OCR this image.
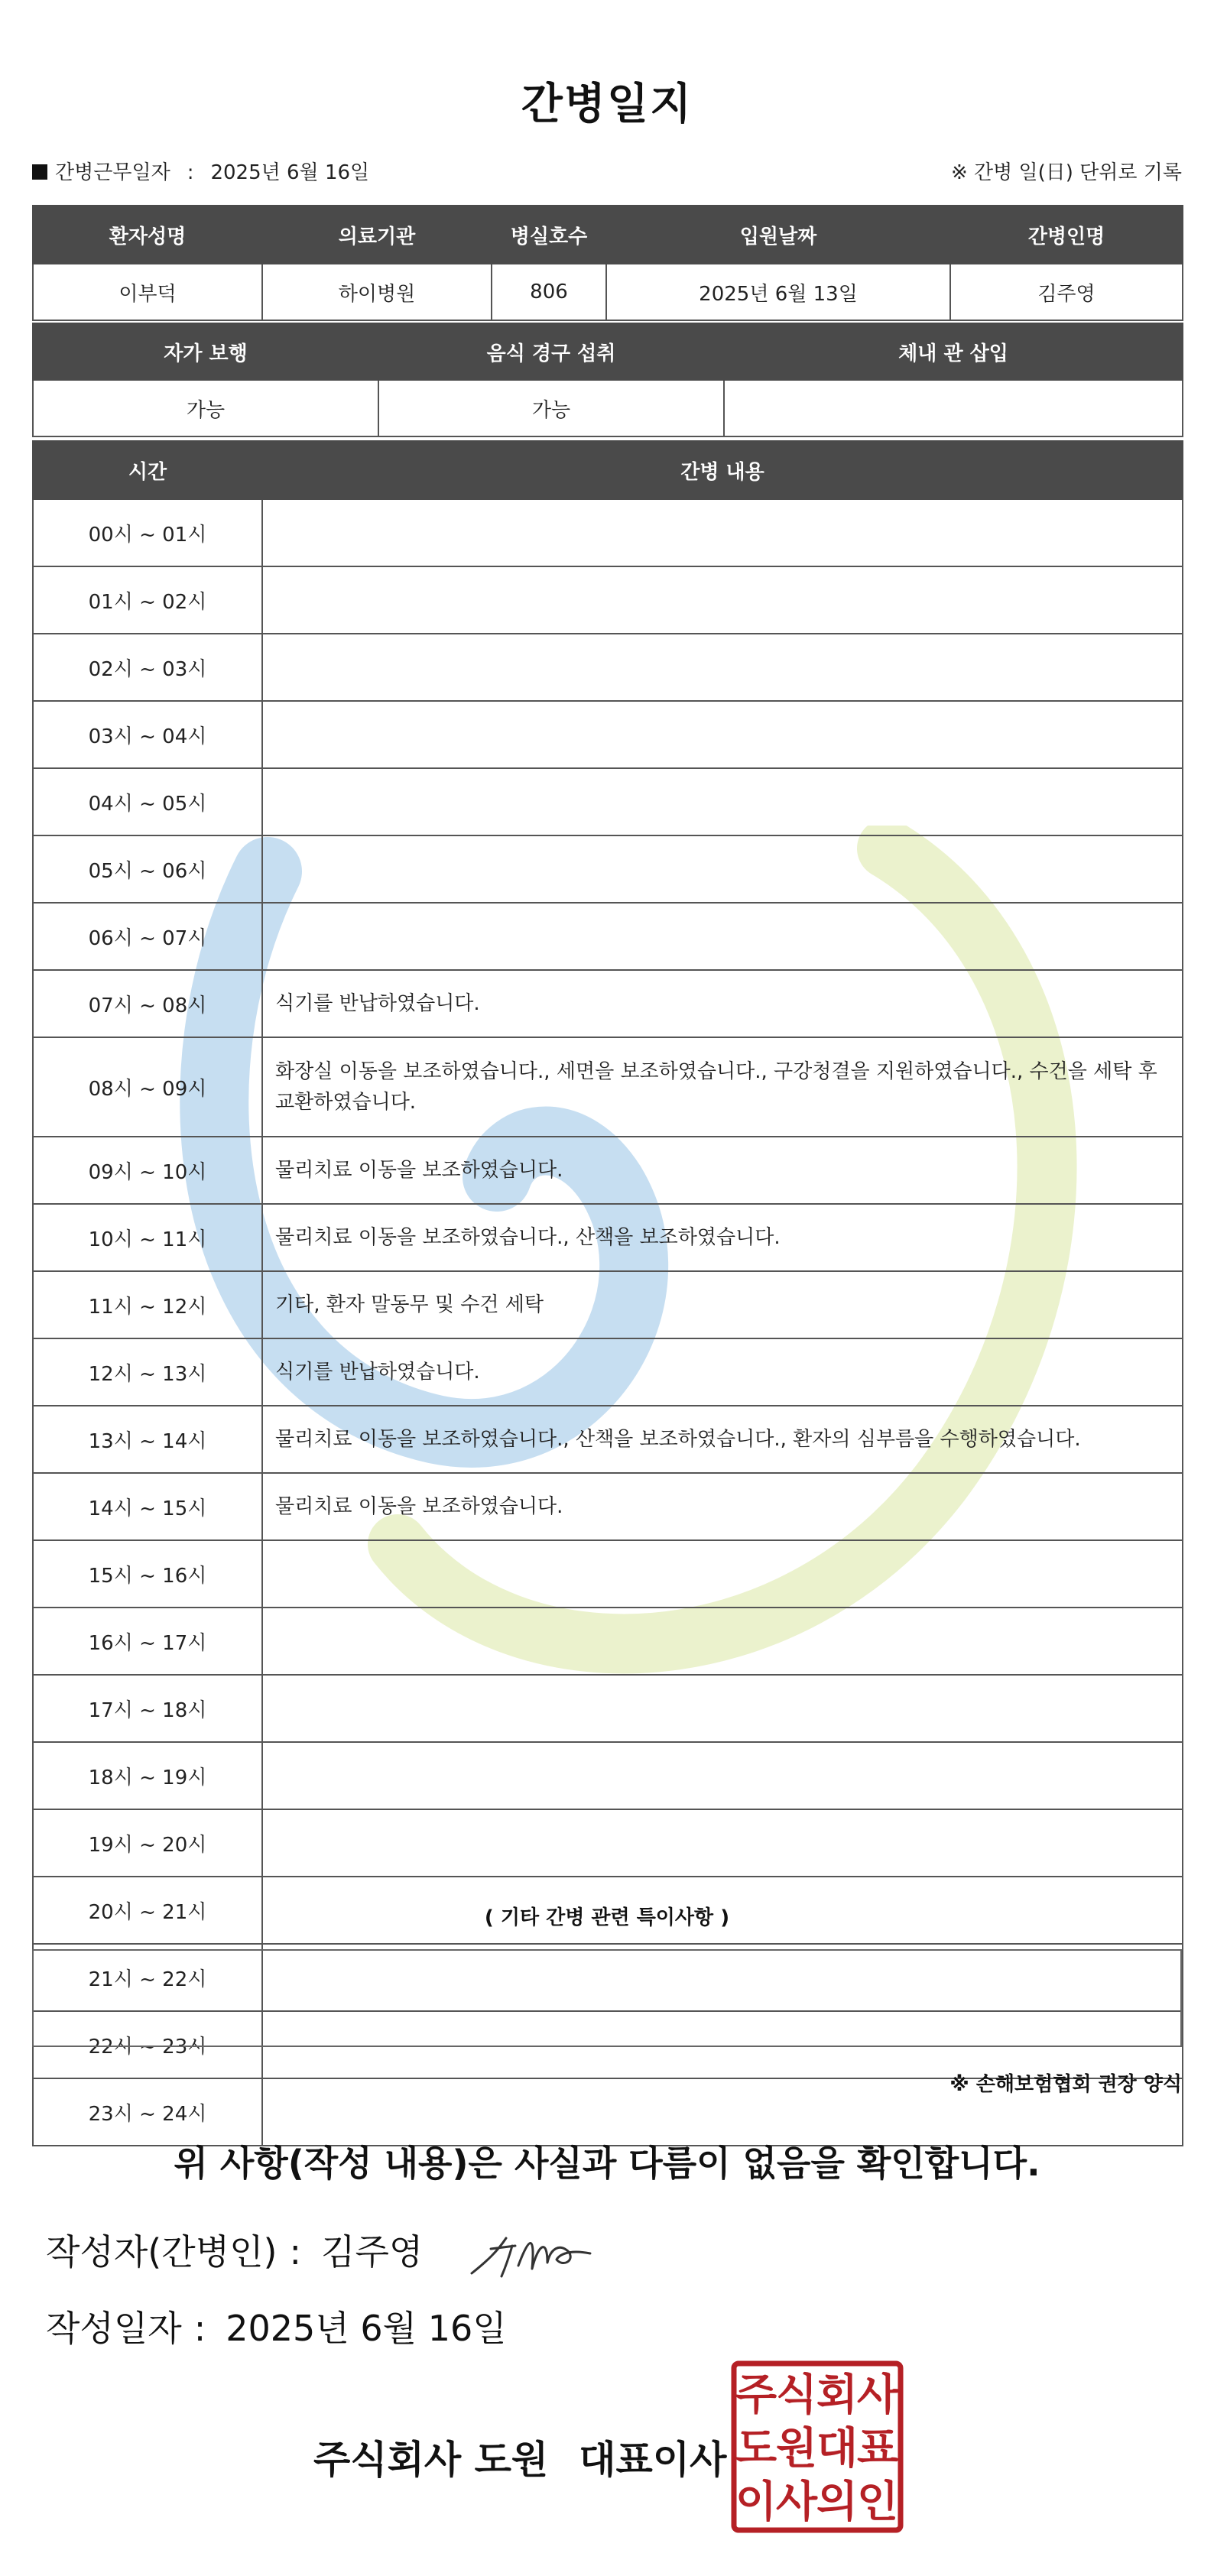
간병일지
간병근무일자 : 2025년 6월 16일	※ 간병 일(日) 단위로 기록
환자성명	의료기관	병실호수	입원날짜	간병인명
이부덕	하이병원	806	2025년 6월 13일	김주영
자가 보행	음식 경구 섭취	체내 관 삽입
가능	가능	
시간	간병 내용
00시 ~ 01시	
01시 ~ 02시	
02시 ~ 03시	
03시 ~ 04시	
04시 ~ 05시	
05시 ~ 06시	
06시 ~ 07시	
07시 ~ 08시	식기를 반납하였습니다.
08시 ~ 09시	화장실 이동을 보조하였습니다., 세면을 보조하였습니다., 구강청결을 지원하였습니다., 수건을 세탁 후 교환하였습니다.
09시 ~ 10시	물리치료 이동을 보조하였습니다.
10시 ~ 11시	물리치료 이동을 보조하였습니다., 산책을 보조하였습니다.
11시 ~ 12시	기타, 환자 말동무 및 수건 세탁
12시 ~ 13시	식기를 반납하였습니다.
13시 ~ 14시	물리치료 이동을 보조하였습니다., 산책을 보조하였습니다., 환자의 심부름을 수행하였습니다.
14시 ~ 15시	물리치료 이동을 보조하였습니다.
15시 ~ 16시	
16시 ~ 17시	
17시 ~ 18시	
18시 ~ 19시	
19시 ~ 20시	
20시 ~ 21시	
21시 ~ 22시	
22시 ~ 23시	
23시 ~ 24시	
( 기타 간병 관련 특이사항 )
※ 손해보험협회 권장 양식
위 사항(작성 내용)은 사실과 다름이 없음을 확인합니다.
작성자(간병인) : 김주영
작성일자 : 2025년 6월 16일
주식회사 도원 대표이사
주
식
회
사
도
원
대
표
이
사
의
인
